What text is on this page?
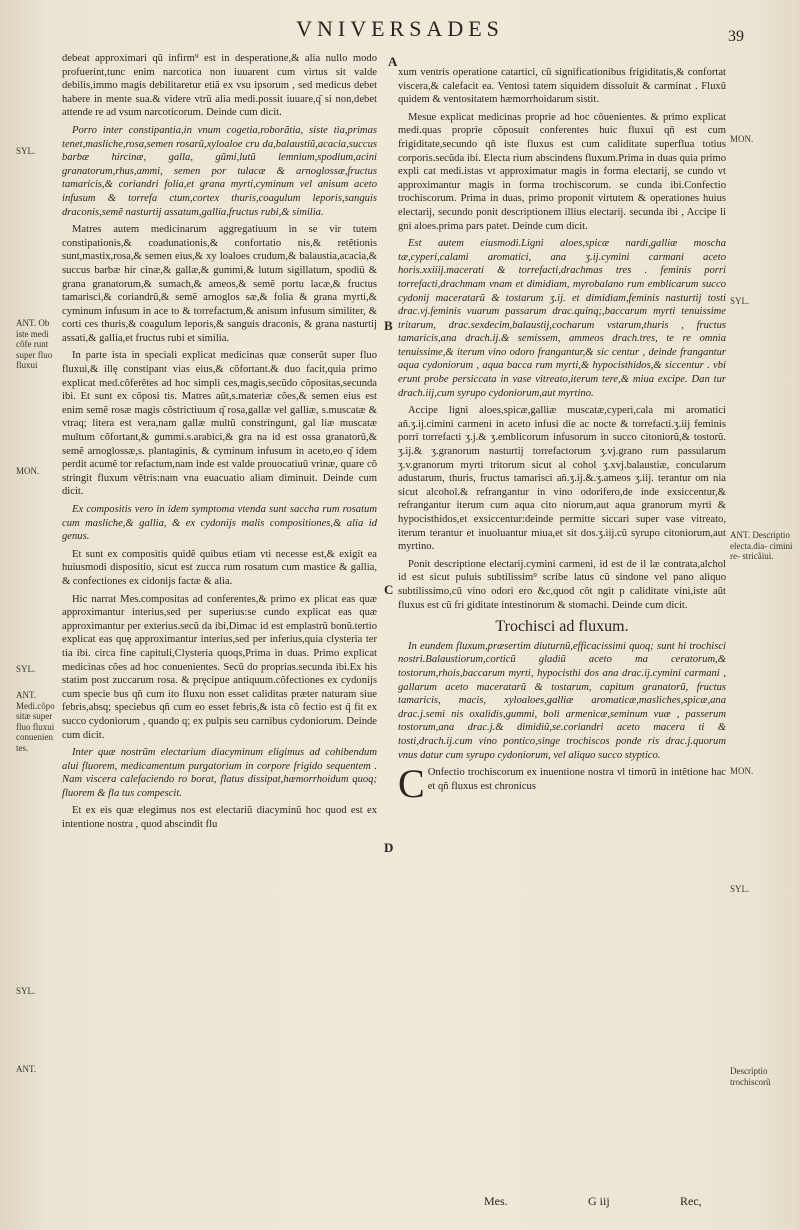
VNIVERSADES	39
A
B
C
D
SYL.
ANT. Ob iste medi cõfe runt super fluo fluxui
MON.
SYL.
ANT. Medi.cõpo sitæ super fluo fluxui conuenien tes.
SYL.
ANT.
MON.
SYL.
ANT. Descriptio electa.dia- cimini re- stricãiui.
MON.
SYL.
Descriptio trochiscorũ

debeat approximari qũ infirm⁹ est in desperatione,& alia nullo modo profuerint,tunc enim narcotica non iuuarent cum virtus sit valde debilis,immo magis debilitaretur etiã ex vsu ipsorum , sed medicus debet habere in mente sua.& videre vtrũ alia medi.possit iuuare,q͂ si non,debet attende re ad vsum narcoticorum. Deinde cum dicit.

Porro inter constipantia,in vnum cogetia,roborãtia, siste tia,primas tenet,masliche,rosa,semen rosarũ,xyloaloe cru da,balaustiũ,acacia,succus barbæ hircinæ, galla, gũmi,lutũ lemnium,spodium,acini granatorum,rhus,ammi, semen por tulacæ & arnoglossæ,fructus tamaricis,& coriandri folia,et grana myrti,cyminum vel anisum aceto infusum & torrefa ctum,cortex thuris,coagulum leporis,sanguis draconis,semẽ nasturtij assatum,gallia,fructus rubi,& similia.

Matres autem medicinarum aggregatiuum in se vir tutem constipationis,& coadunationis,& confortatio nis,& retẽtionis sunt,mastix,rosa,& semen eius,& xy loaloes crudum,& balaustia,acacia,& succus barbæ hir cinæ,& gallæ,& gummi,& lutum sigillatum, spodiũ & grana granatorum,& sumach,& ameos,& semẽ portu lacæ,& fructus tamarisci,& coriandrũ,& semẽ arnoglos sæ,& folia & grana myrti,& cyminum infusum in ace to & torrefactum,& anisum infusum similiter, & corti ces thuris,& coagulum leporis,& sanguis draconis, & grana nasturtij assati,& gallia,et fructus rubi et similia.

In parte ista in speciali explicat medicinas quæ conserũt super fluo fluxui,& illę constipant vias eius,& cõfortant.& duo facit,quia primo explicat med.cõferẽtes ad hoc simpli ces,magis,secũdo cõpositas,secunda ibi. Et sunt ex cõposi tis. Matres aũt,s.materiæ cões,& semen eius est enim semẽ rosæ magis cõstrictiuum q͂ rosa,gallæ vel galliæ, s.muscatæ & vtraq; litera est vera,nam gallæ multũ constringunt, gal liæ muscatæ multum cõfortant,& gummi.s.arabici,& gra na id est ossa granatorũ,& semẽ arnoglossæ,s. plantaginis, & cyminum infusum in aceto,eo q͂ idem perdit acumẽ tor refactum,nam inde est valde prouocatiuũ vrinæ, quare cõ stringit fluxum vẽtris:nam vna euacuatio aliam diminuit. Deinde cum dicit.

Ex compositis vero in idem symptoma vtenda sunt saccha rum rosatum cum masliche,& gallia, & ex cydonijs malis compositiones,& alia id genus.

Et sunt ex compositis quidẽ quibus etiam vti necesse est,& exigit ea huiusmodi dispositio, sicut est zucca rum rosatum cum mastice & gallia, & confectiones ex cidonijs factæ & alia.

Hic narrat Mes.compositas ad conferentes,& primo ex plicat eas quæ approximantur interius,sed per superius:se cundo explicat eas quæ approximantur per exterius.secũ da ibi,Dimac id est emplastrũ bonũ.tertio explicat eas quę approximantur interius,sed per inferius,quia clysteria ter tia ibi. circa fine capituli,Clysteria quoqs,Prima in duas. Primo explicat medicinas cões ad hoc conuenientes. Secũ do proprias.secunda ibi.Ex his statim post zuccarum rosa. & pręcipue antiquum.cõfectiones ex cydonijs cum specie bus qñ cum ito fluxu non esset caliditas præter naturam siue febris,absq; speciebus qñ cum eo esset febris,& ista cõ fectio est q̃ fit ex succo cydoniorum , quando q; ex pulpis seu carnibus cydoniorum. Deinde cum dicit.

Inter quæ nostrũm electarium diacyminum eligimus ad cohibendum alui fluorem, medicamentum purgatorium in corpore frigido sequentem . Nam viscera calefaciendo ro borat, flatus dissipat,hæmorrhoidum quoq; fluorem & fla tus compescit.

Et ex eis quæ elegimus nos est electariũ diacyminũ hoc quod est ex intentione nostra , quod abscindit flu

xum ventris operatione catartici, cũ significationibus frigiditatis,& confortat viscera,& calefacit ea. Ventosi tatem siquidem dissoluit & carminat . Fluxũ quidem & ventositatem hæmorrhoidarum sistit.

Mesue explicat medicinas proprie ad hoc cõuenientes. & primo explicat medi.quas proprie cõposuit conferentes huic fluxui qñ est cum frigiditate,secundo qñ iste fluxus est cum caliditate superflua totius corporis.secũda ibi. Electa rium abscindens fluxum.Prima in duas quia primo expli cat medi.istas vt approximatur magis in forma electarij, se cundo vt approximantur magis in forma trochiscorum. se cunda ibi.Confectio trochiscorum. Prima in duas, primo proponit virtutem & operationes huius electarij, secundo ponit descriptionem illius electarij. secunda ibi , Accipe li gni aloes.prima pars patet. Deinde cum dicit.

Est autem eiusmodi.Ligni aloes,spicæ nardi,galliæ moscha tæ,cyperi,calami aromatici, ana ʒ.ij.cymini carmani aceto horis.xxiiij.macerati & torrefacti,drachmas tres . feminis porri torrefacti,drachmam vnam et dimidiam, myrobalano rum emblicarum succo cydonij maceratarũ & tostarum ʒ.ij. et dimidiam,feminis nasturtij tosti drac.vj.feminis vuarum passarum drac.quinq;,baccarum myrti tenuissime tritarum, drac.sexdecim,balaustij,cocharum vstarum,thuris , fructus tamaricis,ana drach.ij.& semissem, ammeos drach.tres, te re omnia tenuissime,& iterum vino odoro frangantur,& sic centur , deinde frangantur aqua cydoniorum , aqua bacca rum myrti,& hypocisthidos,& siccentur . vbi erunt probe persiccata in vase vitreato,iterum tere,& miua excipe. Dan tur drach.iij,cum syrupo cydoniorum,aut myrtino.

Accipe ligni aloes,spicæ,galliæ muscatæ,cyperi,cala mi aromatici añ.ʒ.ij.cimini carmeni in aceto infusi die ac nocte & torrefacti.ʒ.iij feminis porri torrefacti ʒ.j.& ʒ.emblicorum infusorum in succo citoniorũ,& tostorũ. ʒ.ij.& ʒ.granorum nasturtij torrefactorum ʒ.vj.grano rum passularum ʒ.v.granorum myrti tritorum sicut al cohol ʒ.xvj.balaustiæ, concularum adustarum, thuris, fructus tamarisci añ.ʒ.ij.&.ʒ.ameos ʒ.iij. terantur om nia sicut alcohol.& refrangantur in vino odorifero,de inde exsiccentur,& refrangantur iterum cum aqua cito niorum,aut aqua granorum myrti & hypocisthidos,et exsiccentur:deinde permitte siccari super vase vitreato, iterum terantur et inuoluantur miua,et sit dos.ʒ.iij.cũ syrupo citoniorum,aut myrtino.

Ponit descriptione electarij.cymini carmeni, id est de il læ contrata,alchol id est sicut puluis subtilissim⁹ scribe latus cũ sindone vel pano aliquo subtilissimo,cũ vino odori ero &c,quod cõt ngit p caliditate vini,iste aũt fluxus est cũ fri giditate intestinorum & stomachi. Deinde cum dicit.

Trochisci ad fluxum.

In eundem fluxum,præsertim diuturnũ,efficacissimi quoq; sunt hi trochisci nostri.Balaustiorum,corticũ gladiũ aceto ma ceratorum,& tostorum,rhois,baccarum myrti, hypocisthi dos ana drac.ij.cymini carmani , gallarum aceto maceratarũ & tostarum, capitum granatorũ, fructus tamaricis, macis, xyloaloes,galliæ aromaticæ,masliches,spicæ,ana drac.j.semi nis oxalidis,gummi, boli armenicæ,seminum vuæ , passerum tostorum,ana drac.j.& dimidiũ,se.coriandri aceto macera ti & tosti,drach.ij.cum vino pontico,singe trochiscos ponde ris drac.j.quorum vnus datur cum syrupo cydoniorum, vel aliquo succo styptico.

C Onfectio trochiscorum ex inuentione nostra vl timorũ in intẽtione hac et qñ fluxus est chronicus

Mes.	G iij	Rec,
